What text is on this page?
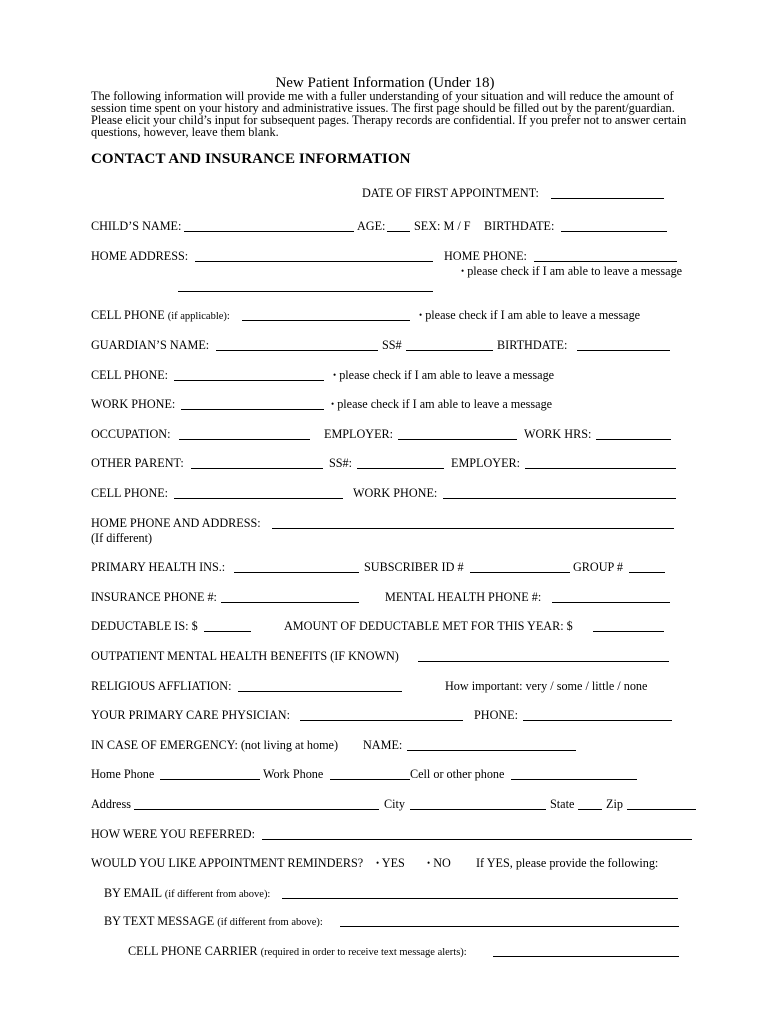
New Patient Information (Under 18)
The following information will provide me with a fuller understanding of your situation and will reduce the amount of
session time spent on your history and administrative issues. The first page should be filled out by the parent/guardian.
Please elicit your child’s input for subsequent pages. Therapy records are confidential. If you prefer not to answer certain
questions, however, leave them blank.
CONTACT AND INSURANCE INFORMATION
DATE OF FIRST APPOINTMENT:
CHILD’S NAME:	AGE: SEX: M / F BIRTHDATE:
HOME ADDRESS:	HOME PHONE:
• please check if I am able to leave a message
CELL PHONE (if applicable):	• please check if I am able to leave a message
GUARDIAN’S NAME:	SS#	BIRTHDATE:
CELL PHONE:	• please check if I am able to leave a message
WORK PHONE:	• please check if I am able to leave a message
OCCUPATION:	EMPLOYER:	WORK HRS:
OTHER PARENT:	SS#:	EMPLOYER:
CELL PHONE:	WORK PHONE:
HOME PHONE AND ADDRESS:
(If different)
PRIMARY HEALTH INS.:	SUBSCRIBER ID #	GROUP #
INSURANCE PHONE #:	MENTAL HEALTH PHONE #:
DEDUCTABLE IS: $	AMOUNT OF DEDUCTABLE MET FOR THIS YEAR: $
OUTPATIENT MENTAL HEALTH BENEFITS (IF KNOWN)
RELIGIOUS AFFLIATION:	How important: very / some / little / none
YOUR PRIMARY CARE PHYSICIAN:	PHONE:
IN CASE OF EMERGENCY: (not living at home) NAME:
Home Phone	Work Phone	Cell or other phone
Address	City	State	Zip
HOW WERE YOU REFERRED:
WOULD YOU LIKE APPOINTMENT REMINDERS? • YES • NO If YES, please provide the following:
BY EMAIL (if different from above):
BY TEXT MESSAGE (if different from above):
CELL PHONE CARRIER (required in order to receive text message alerts):
